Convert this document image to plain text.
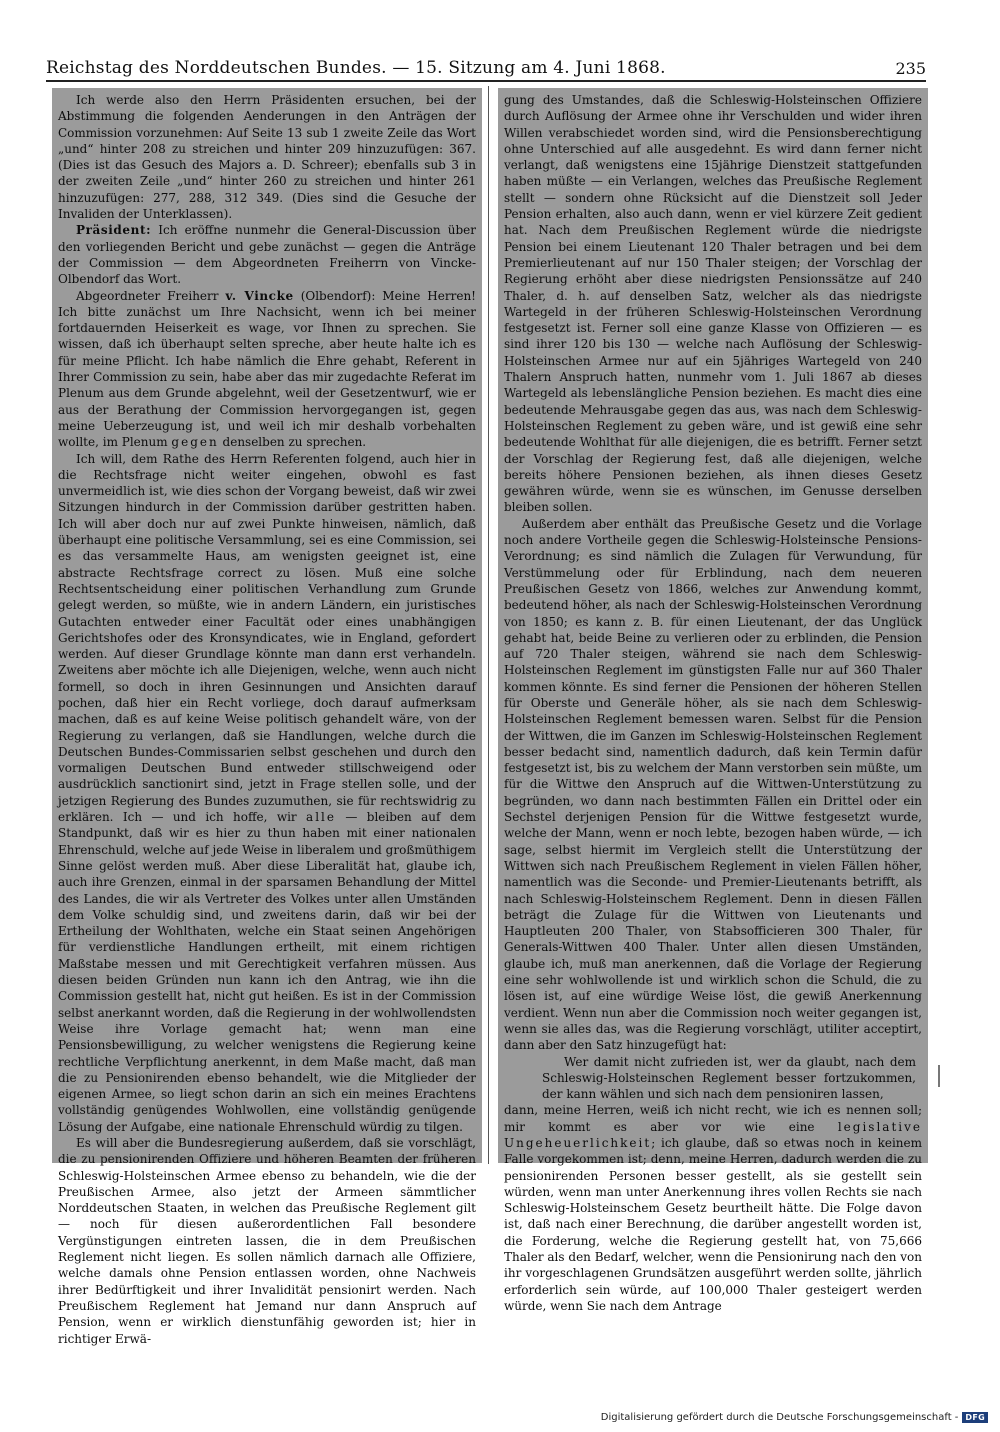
Reichstag des Norddeutschen Bundes. — 15. Sitzung am 4. Juni 1868.	235

Ich werde also den Herrn Präsidenten ersuchen, bei der Abstimmung die folgenden Aenderungen in den Anträgen der Commission vorzunehmen: Auf Seite 13 sub 1 zweite Zeile das Wort „und“ hinter 208 zu streichen und hinter 209 hinzuzufügen: 367. (Dies ist das Gesuch des Majors a. D. Schreer); ebenfalls sub 3 in der zweiten Zeile „und“ hinter 260 zu streichen und hinter 261 hinzuzufügen: 277, 288, 312 349. (Dies sind die Gesuche der Invaliden der Unterklassen).

Präsident: Ich eröffne nunmehr die General-Discussion über den vorliegenden Bericht und gebe zunächst — gegen die Anträge der Commission — dem Abgeordneten Freiherrn von Vincke-Olbendorf das Wort.

Abgeordneter Freiherr v. Vincke (Olbendorf): Meine Herren! Ich bitte zunächst um Ihre Nachsicht, wenn ich bei meiner fortdauernden Heiserkeit es wage, vor Ihnen zu sprechen. Sie wissen, daß ich überhaupt selten spreche, aber heute halte ich es für meine Pflicht. Ich habe nämlich die Ehre gehabt, Referent in Ihrer Commission zu sein, habe aber das mir zugedachte Referat im Plenum aus dem Grunde abgelehnt, weil der Gesetzentwurf, wie er aus der Berathung der Commission hervorgegangen ist, gegen meine Ueberzeugung ist, und weil ich mir deshalb vorbehalten wollte, im Plenum gegen denselben zu sprechen.

Ich will, dem Rathe des Herrn Referenten folgend, auch hier in die Rechtsfrage nicht weiter eingehen, obwohl es fast unvermeidlich ist, wie dies schon der Vorgang beweist, daß wir zwei Sitzungen hindurch in der Commission darüber gestritten haben. Ich will aber doch nur auf zwei Punkte hinweisen, nämlich, daß überhaupt eine politische Versammlung, sei es eine Commission, sei es das versammelte Haus, am wenigsten geeignet ist, eine abstracte Rechtsfrage correct zu lösen. Muß eine solche Rechtsentscheidung einer politischen Verhandlung zum Grunde gelegt werden, so müßte, wie in andern Ländern, ein juristisches Gutachten entweder einer Facultät oder eines unabhängigen Gerichtshofes oder des Kronsyndicates, wie in England, gefordert werden. Auf dieser Grundlage könnte man dann erst verhandeln. Zweitens aber möchte ich alle Diejenigen, welche, wenn auch nicht formell, so doch in ihren Gesinnungen und Ansichten darauf pochen, daß hier ein Recht vorliege, doch darauf aufmerksam machen, daß es auf keine Weise politisch gehandelt wäre, von der Regierung zu verlangen, daß sie Handlungen, welche durch die Deutschen Bundes-Commissarien selbst geschehen und durch den vormaligen Deutschen Bund entweder stillschweigend oder ausdrücklich sanctionirt sind, jetzt in Frage stellen solle, und der jetzigen Regierung des Bundes zuzumuthen, sie für rechtswidrig zu erklären. Ich — und ich hoffe, wir alle — bleiben auf dem Standpunkt, daß wir es hier zu thun haben mit einer nationalen Ehrenschuld, welche auf jede Weise in liberalem und großmüthigem Sinne gelöst werden muß. Aber diese Liberalität hat, glaube ich, auch ihre Grenzen, einmal in der sparsamen Behandlung der Mittel des Landes, die wir als Vertreter des Volkes unter allen Umständen dem Volke schuldig sind, und zweitens darin, daß wir bei der Ertheilung der Wohlthaten, welche ein Staat seinen Angehörigen für verdienstliche Handlungen ertheilt, mit einem richtigen Maßstabe messen und mit Gerechtigkeit verfahren müssen. Aus diesen beiden Gründen nun kann ich den Antrag, wie ihn die Commission gestellt hat, nicht gut heißen. Es ist in der Commission selbst anerkannt worden, daß die Regierung in der wohlwollendsten Weise ihre Vorlage gemacht hat; wenn man eine Pensionsbewilligung, zu welcher wenigstens die Regierung keine rechtliche Verpflichtung anerkennt, in dem Maße macht, daß man die zu Pensionirenden ebenso behandelt, wie die Mitglieder der eigenen Armee, so liegt schon darin an sich ein meines Erachtens vollständig genügendes Wohlwollen, eine vollständig genügende Lösung der Aufgabe, eine nationale Ehrenschuld würdig zu tilgen.

Es will aber die Bundesregierung außerdem, daß sie vorschlägt, die zu pensionirenden Offiziere und höheren Beamten der früheren Schleswig-Holsteinschen Armee ebenso zu behandeln, wie die der Preußischen Armee, also jetzt der Armeen sämmtlicher Norddeutschen Staaten, in welchen das Preußische Reglement gilt — noch für diesen außerordentlichen Fall besondere Vergünstigungen eintreten lassen, die in dem Preußischen Reglement nicht liegen. Es sollen nämlich darnach alle Offiziere, welche damals ohne Pension entlassen worden, ohne Nachweis ihrer Bedürftigkeit und ihrer Invalidität pensionirt werden. Nach Preußischem Reglement hat Jemand nur dann Anspruch auf Pension, wenn er wirklich dienstunfähig geworden ist; hier in richtiger Erwä-

gung des Umstandes, daß die Schleswig-Holsteinschen Offiziere durch Auflösung der Armee ohne ihr Verschulden und wider ihren Willen verabschiedet worden sind, wird die Pensionsberechtigung ohne Unterschied auf alle ausgedehnt. Es wird dann ferner nicht verlangt, daß wenigstens eine 15jährige Dienstzeit stattgefunden haben müßte — ein Verlangen, welches das Preußische Reglement stellt — sondern ohne Rücksicht auf die Dienstzeit soll Jeder Pension erhalten, also auch dann, wenn er viel kürzere Zeit gedient hat. Nach dem Preußischen Reglement würde die niedrigste Pension bei einem Lieutenant 120 Thaler betragen und bei dem Premierlieutenant auf nur 150 Thaler steigen; der Vorschlag der Regierung erhöht aber diese niedrigsten Pensionssätze auf 240 Thaler, d. h. auf denselben Satz, welcher als das niedrigste Wartegeld in der früheren Schleswig-Holsteinschen Verordnung festgesetzt ist. Ferner soll eine ganze Klasse von Offizieren — es sind ihrer 120 bis 130 — welche nach Auflösung der Schleswig-Holsteinschen Armee nur auf ein 5jähriges Wartegeld von 240 Thalern Anspruch hatten, nunmehr vom 1. Juli 1867 ab dieses Wartegeld als lebenslängliche Pension beziehen. Es macht dies eine bedeutende Mehrausgabe gegen das aus, was nach dem Schleswig-Holsteinschen Reglement zu geben wäre, und ist gewiß eine sehr bedeutende Wohlthat für alle diejenigen, die es betrifft. Ferner setzt der Vorschlag der Regierung fest, daß alle diejenigen, welche bereits höhere Pensionen beziehen, als ihnen dieses Gesetz gewähren würde, wenn sie es wünschen, im Genusse derselben bleiben sollen.

Außerdem aber enthält das Preußische Gesetz und die Vorlage noch andere Vortheile gegen die Schleswig-Holsteinsche Pensions-Verordnung; es sind nämlich die Zulagen für Verwundung, für Verstümmelung oder für Erblindung, nach dem neueren Preußischen Gesetz von 1866, welches zur Anwendung kommt, bedeutend höher, als nach der Schleswig-Holsteinschen Verordnung von 1850; es kann z. B. für einen Lieutenant, der das Unglück gehabt hat, beide Beine zu verlieren oder zu erblinden, die Pension auf 720 Thaler steigen, während sie nach dem Schleswig-Holsteinschen Reglement im günstigsten Falle nur auf 360 Thaler kommen könnte. Es sind ferner die Pensionen der höheren Stellen für Oberste und Generäle höher, als sie nach dem Schleswig-Holsteinschen Reglement bemessen waren. Selbst für die Pension der Wittwen, die im Ganzen im Schleswig-Holsteinschen Reglement besser bedacht sind, namentlich dadurch, daß kein Termin dafür festgesetzt ist, bis zu welchem der Mann verstorben sein müßte, um für die Wittwe den Anspruch auf die Wittwen-Unterstützung zu begründen, wo dann nach bestimmten Fällen ein Drittel oder ein Sechstel derjenigen Pension für die Wittwe festgesetzt wurde, welche der Mann, wenn er noch lebte, bezogen haben würde, — ich sage, selbst hiermit im Vergleich stellt die Unterstützung der Wittwen sich nach Preußischem Reglement in vielen Fällen höher, namentlich was die Seconde- und Premier-Lieutenants betrifft, als nach Schleswig-Holsteinschem Reglement. Denn in diesen Fällen beträgt die Zulage für die Wittwen von Lieutenants und Hauptleuten 200 Thaler, von Stabsofficieren 300 Thaler, für Generals-Wittwen 400 Thaler. Unter allen diesen Umständen, glaube ich, muß man anerkennen, daß die Vorlage der Regierung eine sehr wohlwollende ist und wirklich schon die Schuld, die zu lösen ist, auf eine würdige Weise löst, die gewiß Anerkennung verdient. Wenn nun aber die Commission noch weiter gegangen ist, wenn sie alles das, was die Regierung vorschlägt, utiliter acceptirt, dann aber den Satz hinzugefügt hat:

Wer damit nicht zufrieden ist, wer da glaubt, nach dem Schleswig-Holsteinschen Reglement besser fortzukommen, der kann wählen und sich nach dem pensioniren lassen,

dann, meine Herren, weiß ich nicht recht, wie ich es nennen soll; mir kommt es aber vor wie eine legislative Ungeheuerlichkeit; ich glaube, daß so etwas noch in keinem Falle vorgekommen ist; denn, meine Herren, dadurch werden die zu pensionirenden Personen besser gestellt, als sie gestellt sein würden, wenn man unter Anerkennung ihres vollen Rechts sie nach Schleswig-Holsteinschem Gesetz beurtheilt hätte. Die Folge davon ist, daß nach einer Berechnung, die darüber angestellt worden ist, die Forderung, welche die Regierung gestellt hat, von 75,666 Thaler als den Bedarf, welcher, wenn die Pensionirung nach den von ihr vorgeschlagenen Grundsätzen ausgeführt werden sollte, jährlich erforderlich sein würde, auf 100,000 Thaler gesteigert werden würde, wenn Sie nach dem Antrage

Digitalisierung gefördert durch die Deutsche Forschungsgemeinschaft - DFG
